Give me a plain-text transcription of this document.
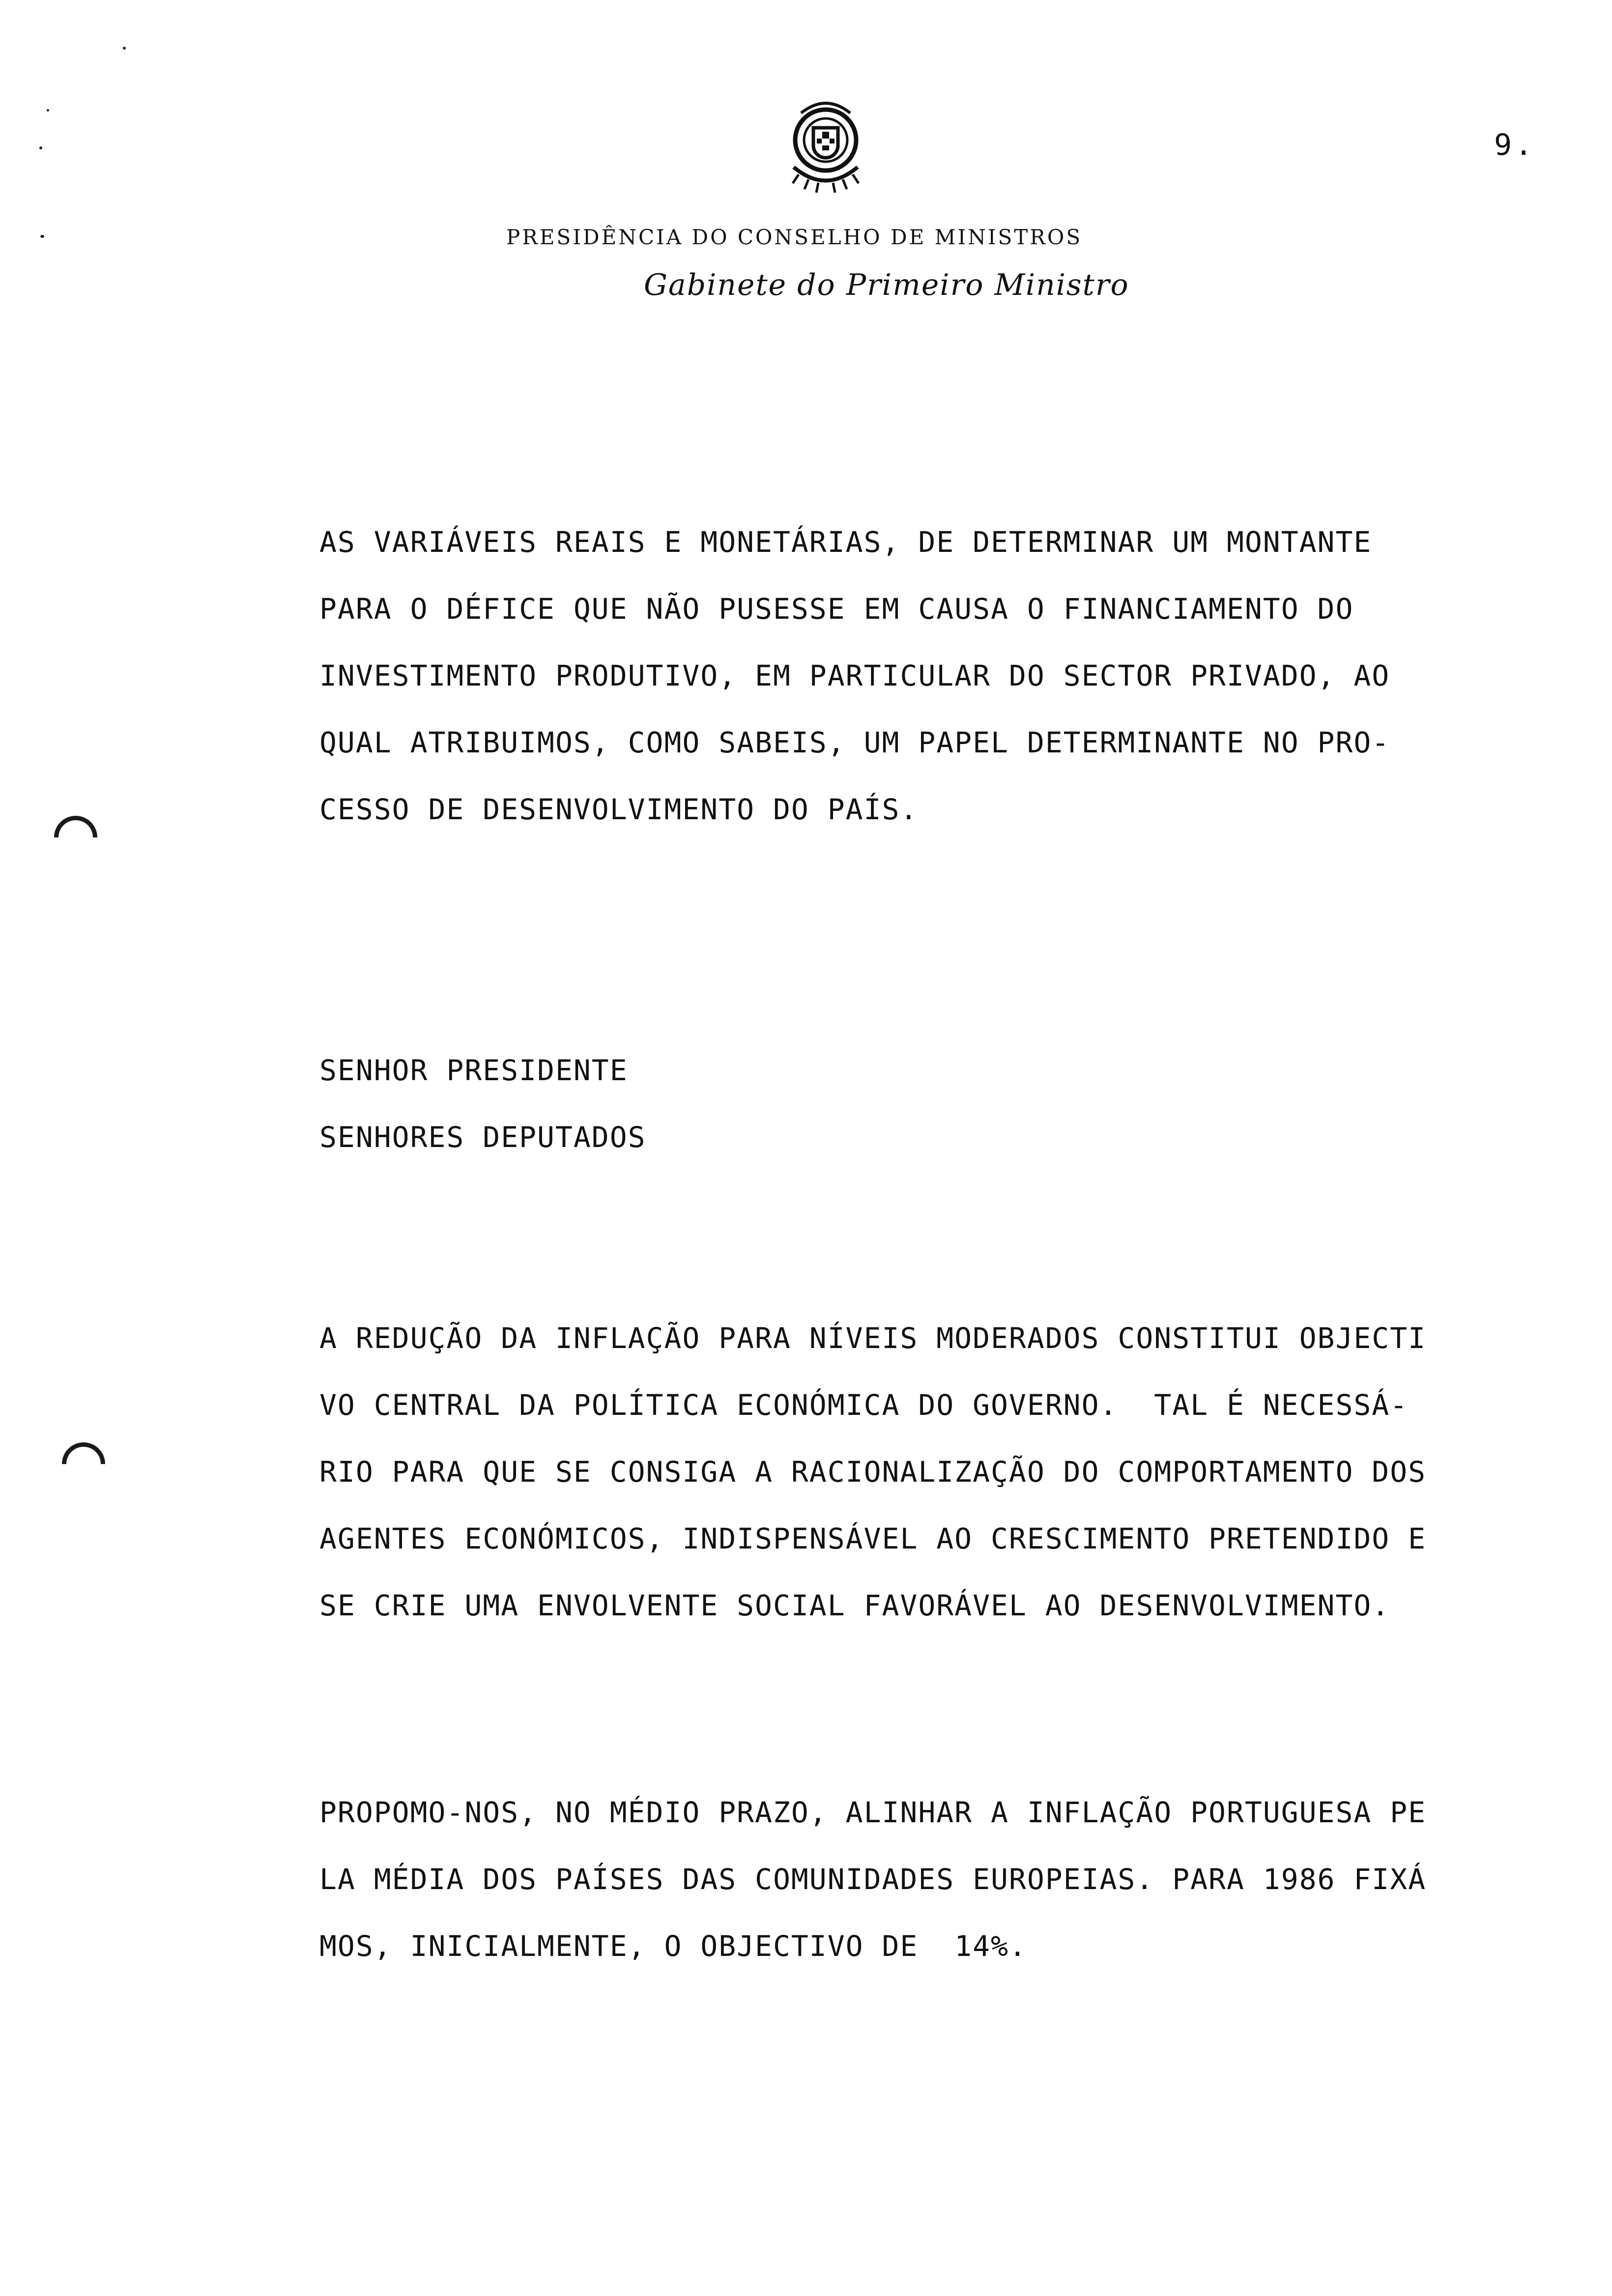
9.
PRESIDÊNCIA DO CONSELHO DE MINISTROS
Gabinete do Primeiro Ministro
AS VARIÁVEIS REAIS E MONETÁRIAS, DE DETERMINAR UM MONTANTE
PARA O DÉFICE QUE NÃO PUSESSE EM CAUSA O FINANCIAMENTO DO
INVESTIMENTO PRODUTIVO, EM PARTICULAR DO SECTOR PRIVADO, AO
QUAL ATRIBUIMOS, COMO SABEIS, UM PAPEL DETERMINANTE NO PRO-
CESSO DE DESENVOLVIMENTO DO PAÍS.
SENHOR PRESIDENTE
SENHORES DEPUTADOS
A REDUÇÃO DA INFLAÇÃO PARA NÍVEIS MODERADOS CONSTITUI OBJECTI
VO CENTRAL DA POLÍTICA ECONÓMICA DO GOVERNO.  TAL É NECESSÁ-
RIO PARA QUE SE CONSIGA A RACIONALIZAÇÃO DO COMPORTAMENTO DOS
AGENTES ECONÓMICOS, INDISPENSÁVEL AO CRESCIMENTO PRETENDIDO E
SE CRIE UMA ENVOLVENTE SOCIAL FAVORÁVEL AO DESENVOLVIMENTO.
PROPOMO-NOS, NO MÉDIO PRAZO, ALINHAR A INFLAÇÃO PORTUGUESA PE
LA MÉDIA DOS PAÍSES DAS COMUNIDADES EUROPEIAS. PARA 1986 FIXÁ
MOS, INICIALMENTE, O OBJECTIVO DE  14%.
